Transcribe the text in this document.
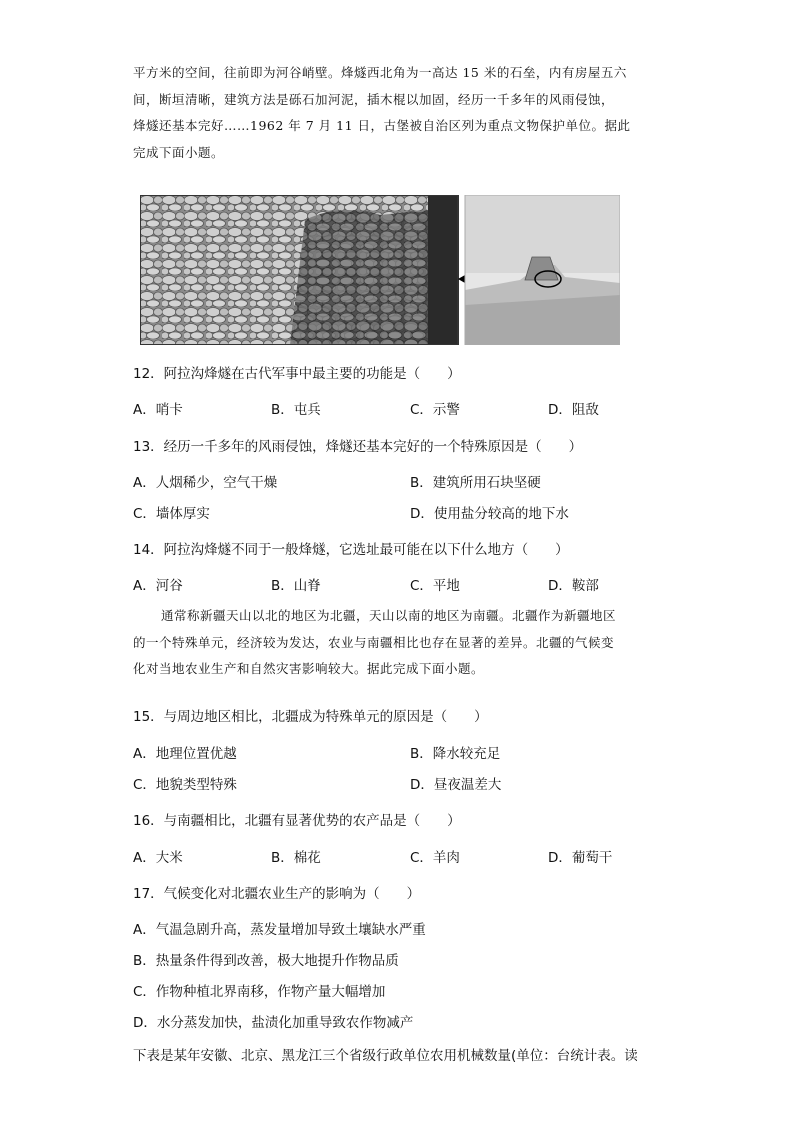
平方米的空间，往前即为河谷峭壁。烽燧西北角为一高达 15 米的石垒，内有房屋五六

间，断垣清晰，建筑方法是砾石加河泥，插木棍以加固，经历一千多年的风雨侵蚀，

烽燧还基本完好……1962 年 7 月 11 日，古堡被自治区列为重点文物保护单位。据此

完成下面小题。

12．阿拉沟烽燧在古代军事中最主要的功能是（　　）
A．哨卡	B．屯兵	C．示警	D．阻敌
13．经历一千多年的风雨侵蚀，烽燧还基本完好的一个特殊原因是（　　）
A．人烟稀少，空气干燥	B．建筑所用石块坚硬
C．墙体厚实	D．使用盐分较高的地下水
14．阿拉沟烽燧不同于一般烽燧，它选址最可能在以下什么地方（　　）
A．河谷	B．山脊	C．平地	D．鞍部

通常称新疆天山以北的地区为北疆，天山以南的地区为南疆。北疆作为新疆地区

的一个特殊单元，经济较为发达，农业与南疆相比也存在显著的差异。北疆的气候变

化对当地农业生产和自然灾害影响较大。据此完成下面小题。

15．与周边地区相比，北疆成为特殊单元的原因是（　　）
A．地理位置优越	B．降水较充足
C．地貌类型特殊	D．昼夜温差大
16．与南疆相比，北疆有显著优势的农产品是（　　）
A．大米	B．棉花	C．羊肉	D．葡萄干
17．气候变化对北疆农业生产的影响为（　　）
A．气温急剧升高，蒸发量增加导致土壤缺水严重
B．热量条件得到改善，极大地提升作物品质
C．作物种植北界南移，作物产量大幅增加
D．水分蒸发加快，盐渍化加重导致农作物减产
下表是某年安徽、北京、黑龙江三个省级行政单位农用机械数量(单位：台统计表。读
